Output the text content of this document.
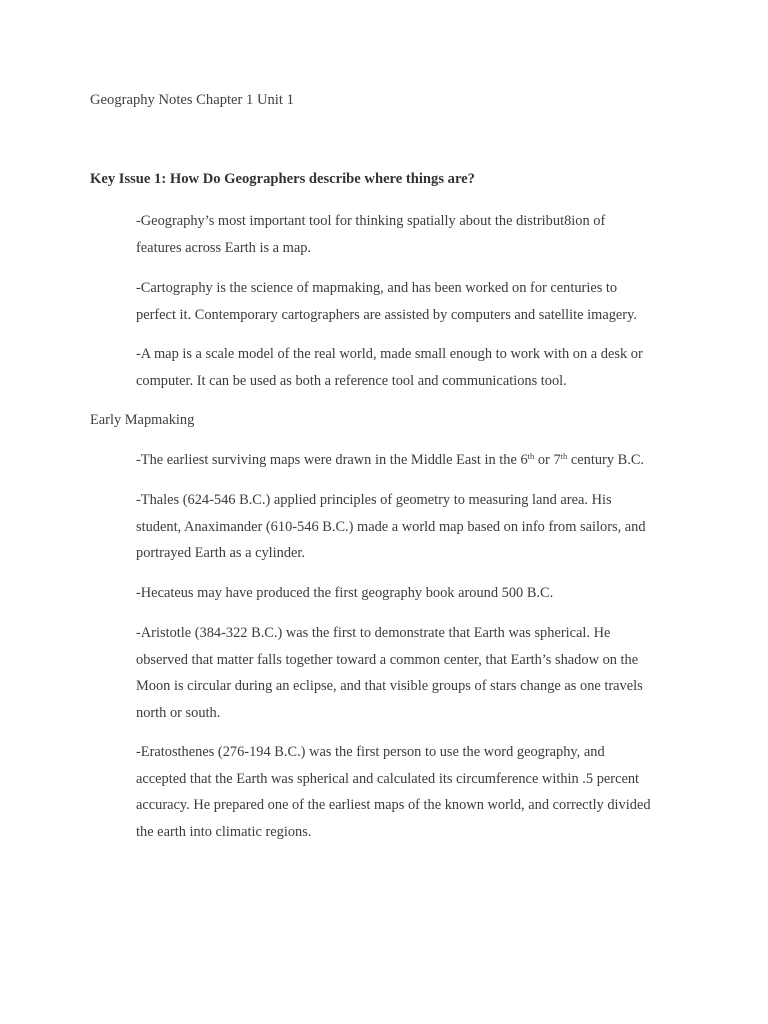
Geography Notes Chapter 1 Unit 1
Key Issue 1: How Do Geographers describe where things are?
-Geography’s most important tool for thinking spatially about the distribut8ion of
features across Earth is a map.
-Cartography is the science of mapmaking, and has been worked on for centuries to
perfect it. Contemporary cartographers are assisted by computers and satellite imagery.
-A map is a scale model of the real world, made small enough to work with on a desk or
computer. It can be used as both a reference tool and communications tool.
Early Mapmaking
-The earliest surviving maps were drawn in the Middle East in the 6th or 7th century B.C.
-Thales (624-546 B.C.) applied principles of geometry to measuring land area. His
student, Anaximander (610-546 B.C.) made a world map based on info from sailors, and
portrayed Earth as a cylinder.
-Hecateus may have produced the first geography book around 500 B.C.
-Aristotle (384-322 B.C.) was the first to demonstrate that Earth was spherical. He
observed that matter falls together toward a common center, that Earth’s shadow on the
Moon is circular during an eclipse, and that visible groups of stars change as one travels
north or south.
-Eratosthenes (276-194 B.C.) was the first person to use the word geography, and
accepted that the Earth was spherical and calculated its circumference within .5 percent
accuracy. He prepared one of the earliest maps of the known world, and correctly divided
the earth into climatic regions.
